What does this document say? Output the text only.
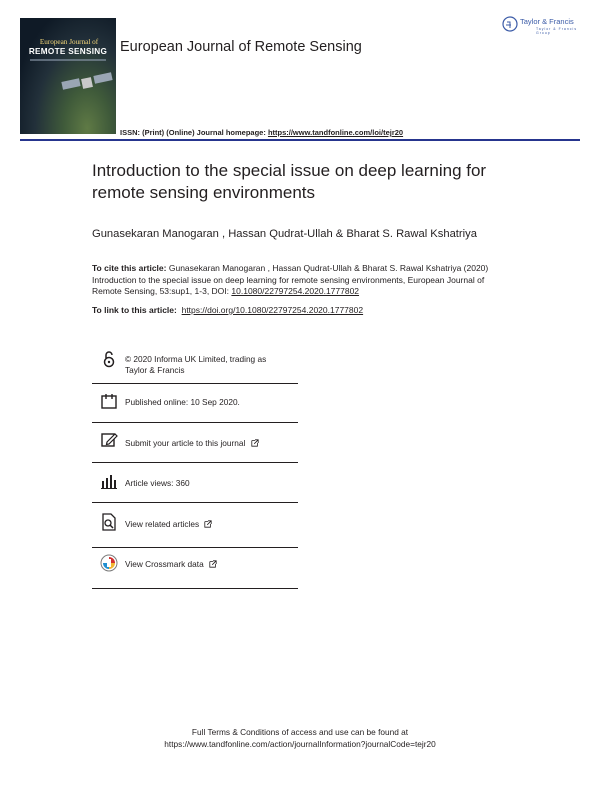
European Journal of
REMOTE SENSING European Journal of Remote Sensing
Taylor & Francis
Taylor & Francis Group
ISSN: (Print) (Online) Journal homepage: https://www.tandfonline.com/loi/tejr20
Introduction to the special issue on deep learning for remote sensing environments
Gunasekaran Manogaran , Hassan Qudrat-Ullah & Bharat S. Rawal Kshatriya
To cite this article: Gunasekaran Manogaran , Hassan Qudrat-Ullah & Bharat S. Rawal Kshatriya (2020) Introduction to the special issue on deep learning for remote sensing environments, European Journal of Remote Sensing, 53:sup1, 1-3, DOI: 10.1080/22797254.2020.1777802
To link to this article: https://doi.org/10.1080/22797254.2020.1777802
© 2020 Informa UK Limited, trading as
Taylor & Francis
Published online: 10 Sep 2020.
Submit your article to this journal
Article views: 360
View related articles
View Crossmark data
Full Terms & Conditions of access and use can be found at
https://www.tandfonline.com/action/journalInformation?journalCode=tejr20
